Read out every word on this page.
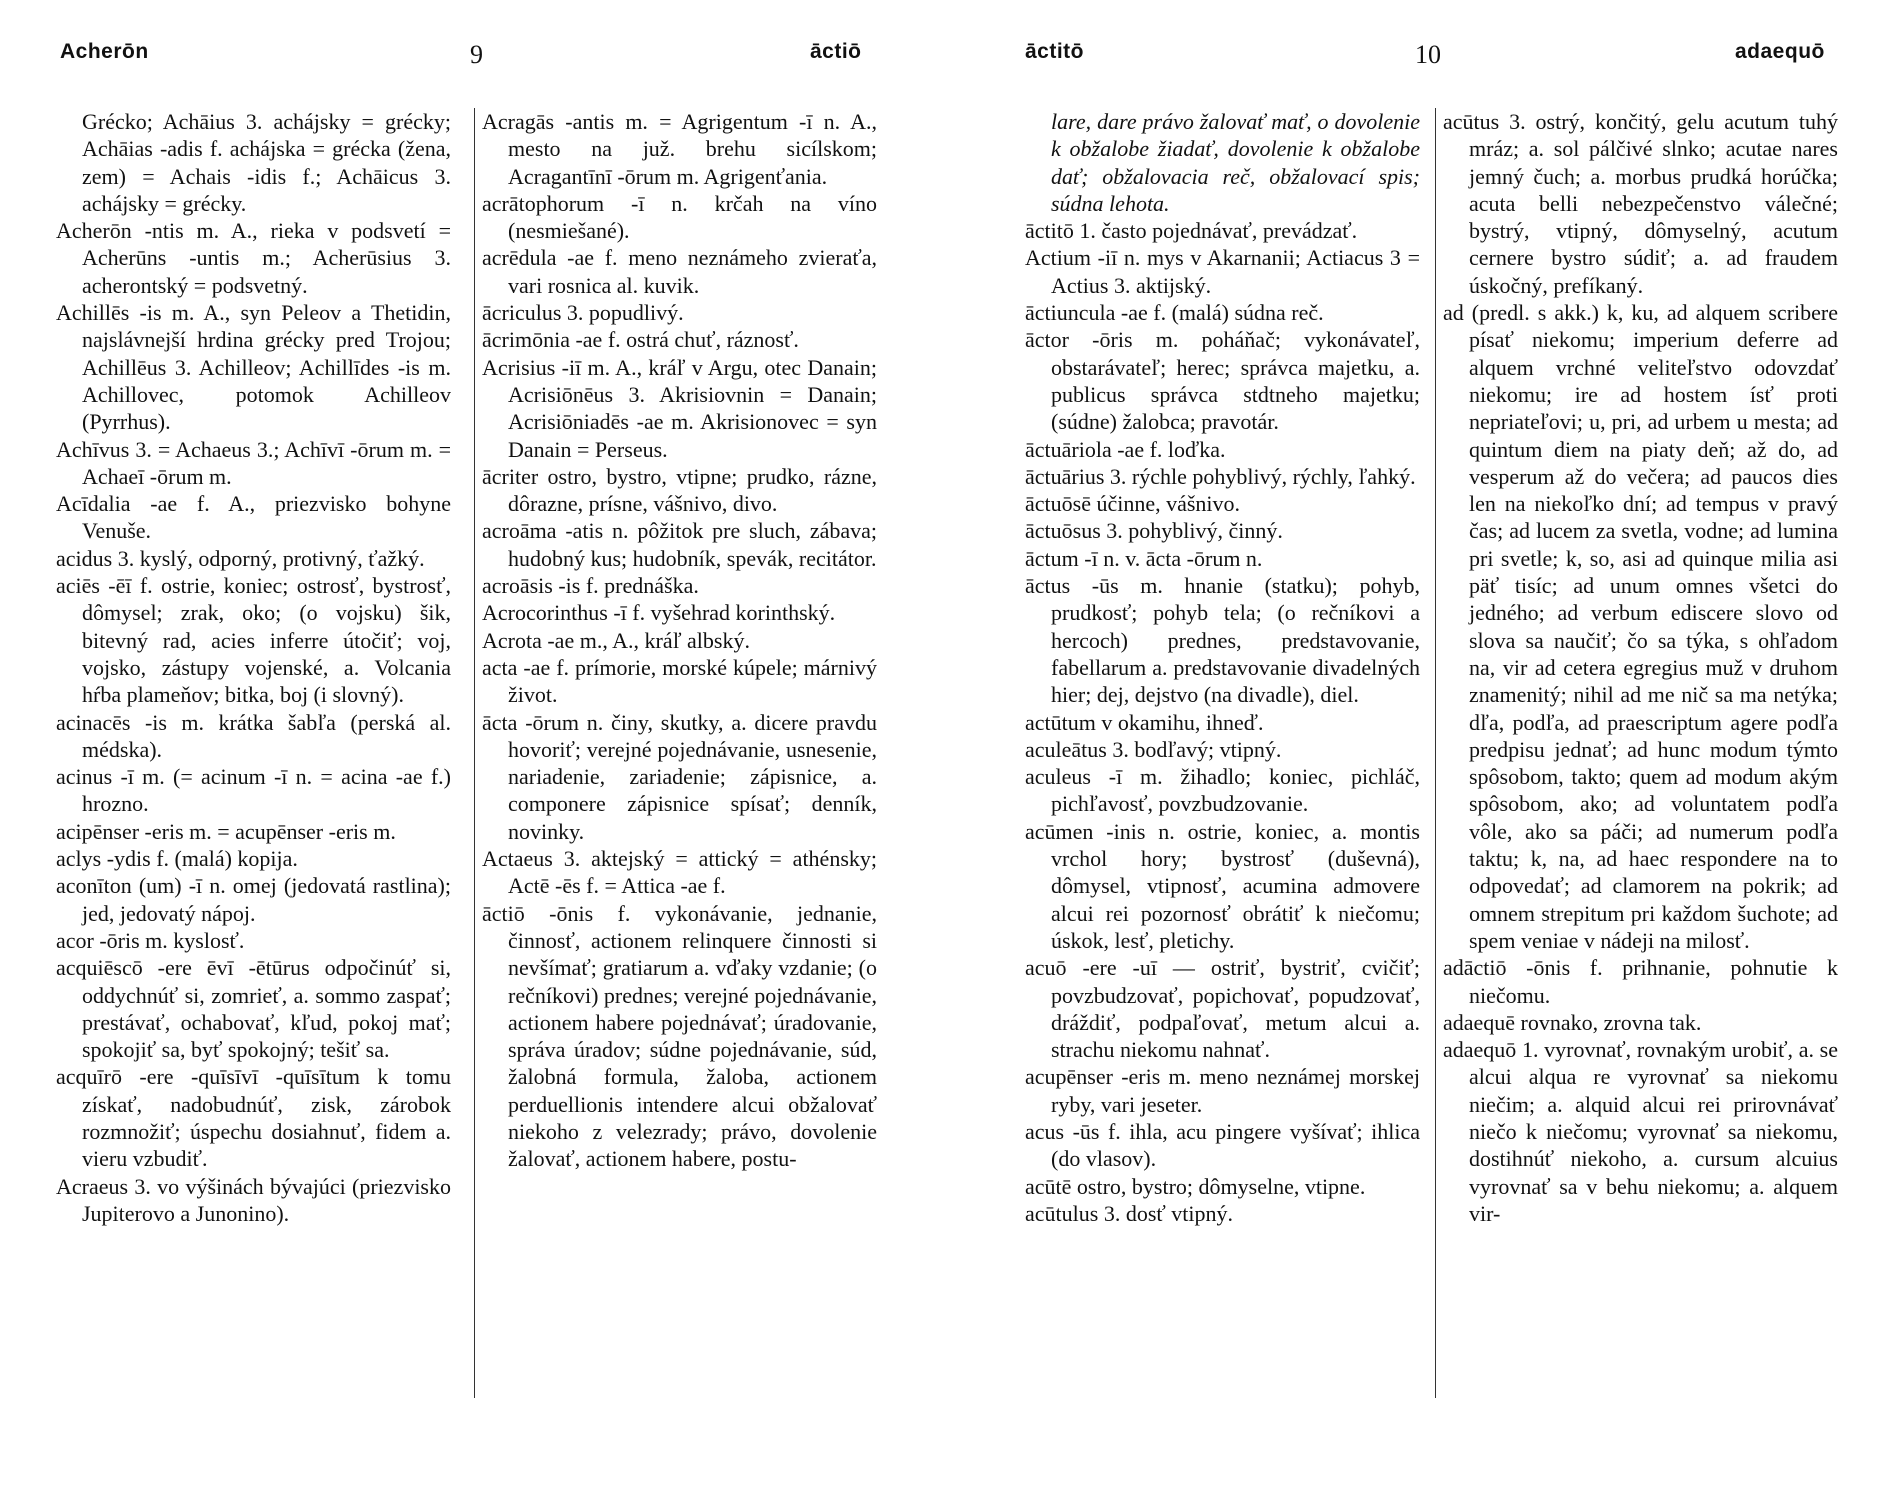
Acherōn	9	āctiō
Grécko; Achāius 3. achájsky = grécky; Achāias -adis f. achájska = grécka (žena, zem) = Achais -idis f.; Achāicus 3. achájsky = grécky.
Acherōn -ntis m. A., rieka v podsvetí = Acherūns -untis m.; Acherūsius 3. acherontský = podsvetný.
Achillēs -is m. A., syn Peleov a Thetidin, najslávnejší hrdina grécky pred Trojou; Achillēus 3. Achilleov; Achillīdes -is m. Achillovec, potomok Achilleov (Pyrrhus).
Achīvus 3. = Achaeus 3.; Achīvī -ōrum m. = Achaeī -ōrum m.
Acīdalia -ae f. A., priezvisko bohyne Venuše.
acidus 3. kyslý, odporný, protivný, ťažký.
aciēs -ēī f. ostrie, koniec; ostrosť, bystrosť, dômysel; zrak, oko; (o vojsku) šik, bitevný rad, acies inferre útočiť; voj, vojsko, zástupy vojenské, a. Volcania hŕba plameňov; bitka, boj (i slovný).
acinacēs -is m. krátka šabľa (perská al. médska).
acinus -ī m. (= acinum -ī n. = acina -ae f.) hrozno.
acipēnser -eris m. = acupēnser -eris m.
aclys -ydis f. (malá) kopija.
aconīton (um) -ī n. omej (jedovatá rastlina); jed, jedovatý nápoj.
acor -ōris m. kyslosť.
acquiēscō -ere ēvī -ētūrus odpočinúť si, oddychnúť si, zomrieť, a. sommo zaspať; prestávať, ochabovať, kľud, pokoj mať; spokojiť sa, byť spokojný; tešiť sa.
acquīrō -ere -quīsīvī -quīsītum k tomu získať, nadobudnúť, zisk, zárobok rozmnožiť; úspechu dosiahnuť, fidem a. vieru vzbudiť.
Acraeus 3. vo výšinách bývajúci (priezvisko Jupiterovo a Junonino).
Acragās -antis m. = Agrigentum -ī n. A., mesto na juž. brehu sicílskom; Acragantīnī -ōrum m. Agrigenťania.
acrātophorum -ī n. krčah na víno (nesmiešané).
acrēdula -ae f. meno neznámeho zvieraťa, vari rosnica al. kuvik.
ācriculus 3. popudlivý.
ācrimōnia -ae f. ostrá chuť, ráznosť.
Acrisius -iī m. A., kráľ v Argu, otec Danain; Acrisiōnēus 3. Akrisiovnin = Danain; Acrisiōniadēs -ae m. Akrisionovec = syn Danain = Perseus.
ācriter ostro, bystro, vtipne; prudko, rázne, dôrazne, prísne, vášnivo, divo.
acroāma -atis n. pôžitok pre sluch, zábava; hudobný kus; hudobník, spevák, recitátor.
acroāsis -is f. prednáška.
Acrocorinthus -ī f. vyšehrad korinthský.
Acrota -ae m., A., kráľ albský.
acta -ae f. prímorie, morské kúpele; márnivý život.
ācta -ōrum n. činy, skutky, a. dicere pravdu hovoriť; verejné pojednávanie, usnesenie, nariadenie, zariadenie; zápisnice, a. componere zápisnice spísať; denník, novinky.
Actaeus 3. aktejský = attický = athénsky; Actē -ēs f. = Attica -ae f.
āctiō -ōnis f. vykonávanie, jednanie, činnosť, actionem relinquere činnosti si nevšímať; gratiarum a. vďaky vzdanie; (o rečníkovi) prednes; verejné pojednávanie, actionem habere pojednávať; úradovanie, správa úradov; súdne pojednávanie, súd, žalobná formula, žaloba, actionem perduellionis intendere alcui obžalovať niekoho z velezrady; právo, dovolenie žalovať, actionem habere, postu-
āctitō	10	adaequō
lare, dare právo žalovať mať, o dovolenie k obžalobe žiadať, dovolenie k obžalobe dať; obžalovacia reč, obžalovací spis; súdna lehota.
āctitō 1. často pojednávať, prevádzať.
Actium -iī n. mys v Akarnanii; Actiacus 3 = Actius 3. aktijský.
āctiuncula -ae f. (malá) súdna reč.
āctor -ōris m. poháňač; vykonávateľ, obstarávateľ; herec; správca majetku, a. publicus správca stdtneho majetku; (súdne) žalobca; pravotár.
āctuāriola -ae f. loďka.
āctuārius 3. rýchle pohyblivý, rýchly, ľahký.
āctuōsē účinne, vášnivo.
āctuōsus 3. pohyblivý, činný.
āctum -ī n. v. ācta -ōrum n.
āctus -ūs m. hnanie (statku); pohyb, prudkosť; pohyb tela; (o rečníkovi a hercoch) prednes, predstavovanie, fabellarum a. predstavovanie divadelných hier; dej, dejstvo (na divadle), diel.
actūtum v okamihu, ihneď.
aculeātus 3. bodľavý; vtipný.
aculeus -ī m. žihadlo; koniec, pichláč, pichľavosť, povzbudzovanie.
acūmen -inis n. ostrie, koniec, a. montis vrchol hory; bystrosť (duševná), dômysel, vtipnosť, acumina admovere alcui rei pozornosť obrátiť k niečomu; úskok, lesť, pletichy.
acuō -ere -uī — ostriť, bystriť, cvičiť; povzbudzovať, popichovať, popudzovať, dráždiť, podpaľovať, metum alcui a. strachu niekomu nahnať.
acupēnser -eris m. meno neznámej morskej ryby, vari jeseter.
acus -ūs f. ihla, acu pingere vyšívať; ihlica (do vlasov).
acūtē ostro, bystro; dômyselne, vtipne.
acūtulus 3. dosť vtipný.
acūtus 3. ostrý, končitý, gelu acutum tuhý mráz; a. sol pálčivé slnko; acutae nares jemný čuch; a. morbus prudká horúčka; acuta belli nebezpečenstvo válečné; bystrý, vtipný, dômyselný, acutum cernere bystro súdiť; a. ad fraudem úskočný, prefíkaný.
ad (predl. s akk.) k, ku, ad alquem scribere písať niekomu; imperium deferre ad alquem vrchné veliteľstvo odovzdať niekomu; ire ad hostem ísť proti nepriateľovi; u, pri, ad urbem u mesta; ad quintum diem na piaty deň; až do, ad vesperum až do večera; ad paucos dies len na niekoľko dní; ad tempus v pravý čas; ad lucem za svetla, vodne; ad lumina pri svetle; k, so, asi ad quinque milia asi päť tisíc; ad unum omnes všetci do jedného; ad verbum ediscere slovo od slova sa naučiť; čo sa týka, s ohľadom na, vir ad cetera egregius muž v druhom znamenitý; nihil ad me nič sa ma netýka; dľa, podľa, ad praescriptum agere podľa predpisu jednať; ad hunc modum týmto spôsobom, takto; quem ad modum akým spôsobom, ako; ad voluntatem podľa vôle, ako sa páči; ad numerum podľa taktu; k, na, ad haec respondere na to odpovedať; ad clamorem na pokrik; ad omnem strepitum pri každom šuchote; ad spem veniae v nádeji na milosť.
adāctiō -ōnis f. prihnanie, pohnutie k niečomu.
adaequē rovnako, zrovna tak.
adaequō 1. vyrovnať, rovnakým urobiť, a. se alcui alqua re vyrovnať sa niekomu niečim; a. alquid alcui rei prirovnávať niečo k niečomu; vyrovnať sa niekomu, dostihnúť niekoho, a. cursum alcuius vyrovnať sa v behu niekomu; a. alquem vir-
